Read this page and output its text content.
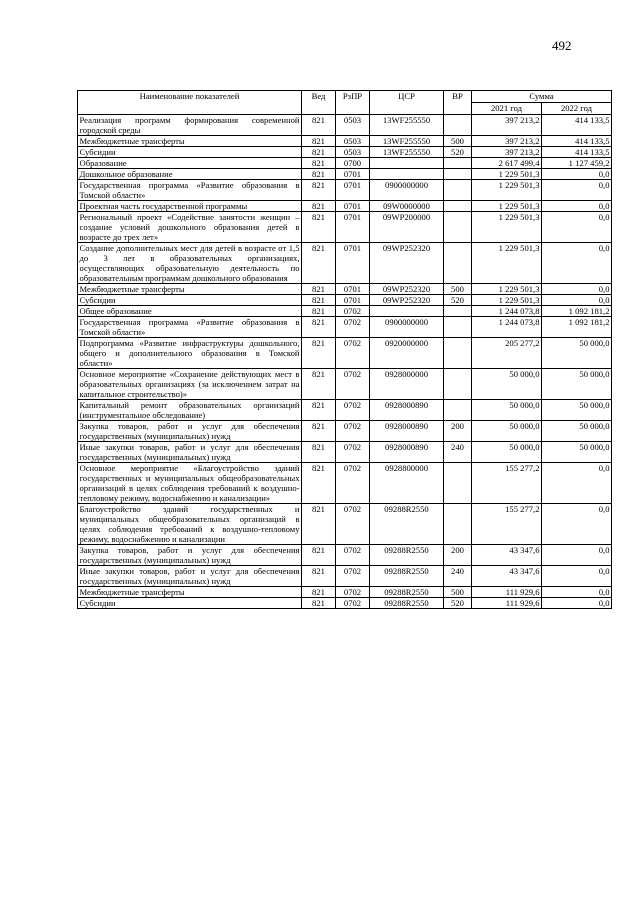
492
Наименование показателей	Вед	РзПР	ЦСР	ВР	Сумма	
					2021 год	2022 год
Реализация программ формирования современной городской среды	821	0503	13WF255550		397 213,2	414 133,5
Межбюджетные трансферты	821	0503	13WF255550	500	397 213,2	414 133,5
Субсидии	821	0503	13WF255550	520	397 213,2	414 133,5
Образование	821	0700			2 617 499,4	1 127 459,2
Дошкольное образование	821	0701			1 229 501,3	0,0
Государственная программа «Развитие образования в Томской области»	821	0701	0900000000		1 229 501,3	0,0
Проектная часть государственной программы	821	0701	09W0000000		1 229 501,3	0,0
Региональный проект «Содействие занятости женщин – создание условий дошкольного образования детей в возрасте до трех лет»	821	0701	09WP200000		1 229 501,3	0,0
Создание дополнительных мест для детей в возрасте от 1,5 до 3 лет в образовательных организациях, осуществляющих образовательную деятельность по образовательным программам дошкольного образования	821	0701	09WP252320		1 229 501,3	0,0
Межбюджетные трансферты	821	0701	09WP252320	500	1 229 501,3	0,0
Субсидии	821	0701	09WP252320	520	1 229 501,3	0,0
Общее образование	821	0702			1 244 073,8	1 092 181,2
Государственная программа «Развитие образования в Томской области»	821	0702	0900000000		1 244 073,8	1 092 181,2
Подпрограмма «Развитие инфраструктуры дошкольного, общего и дополнительного образования в Томской области»	821	0702	0920000000		205 277,2	50 000,0
Основное мероприятие «Сохранение действующих мест в образовательных организациях (за исключением затрат на капитальное строительство)»	821	0702	0928000000		50 000,0	50 000,0
Капитальный ремонт образовательных организаций (инструментальное обследование)	821	0702	0928000890		50 000,0	50 000,0
Закупка товаров, работ и услуг для обеспечения государственных (муниципальных) нужд	821	0702	0928000890	200	50 000,0	50 000,0
Иные закупки товаров, работ и услуг для обеспечения государственных (муниципальных) нужд	821	0702	0928000890	240	50 000,0	50 000,0
Основное мероприятие «Благоустройство зданий государственных и муниципальных общеобразовательных организаций в целях соблюдения требований к воздушно-тепловому режиму, водоснабжению и канализации»	821	0702	0928800000		155 277,2	0,0
Благоустройство зданий государственных и муниципальных общеобразовательных организаций в целях соблюдения требований к воздушно-тепловому режиму, водоснабжению и канализации	821	0702	09288R2550		155 277,2	0,0
Закупка товаров, работ и услуг для обеспечения государственных (муниципальных) нужд	821	0702	09288R2550	200	43 347,6	0,0
Иные закупки товаров, работ и услуг для обеспечения государственных (муниципальных) нужд	821	0702	09288R2550	240	43 347,6	0,0
Межбюджетные трансферты	821	0702	09288R2550	500	111 929,6	0,0
Субсидии	821	0702	09288R2550	520	111 929,6	0,0
